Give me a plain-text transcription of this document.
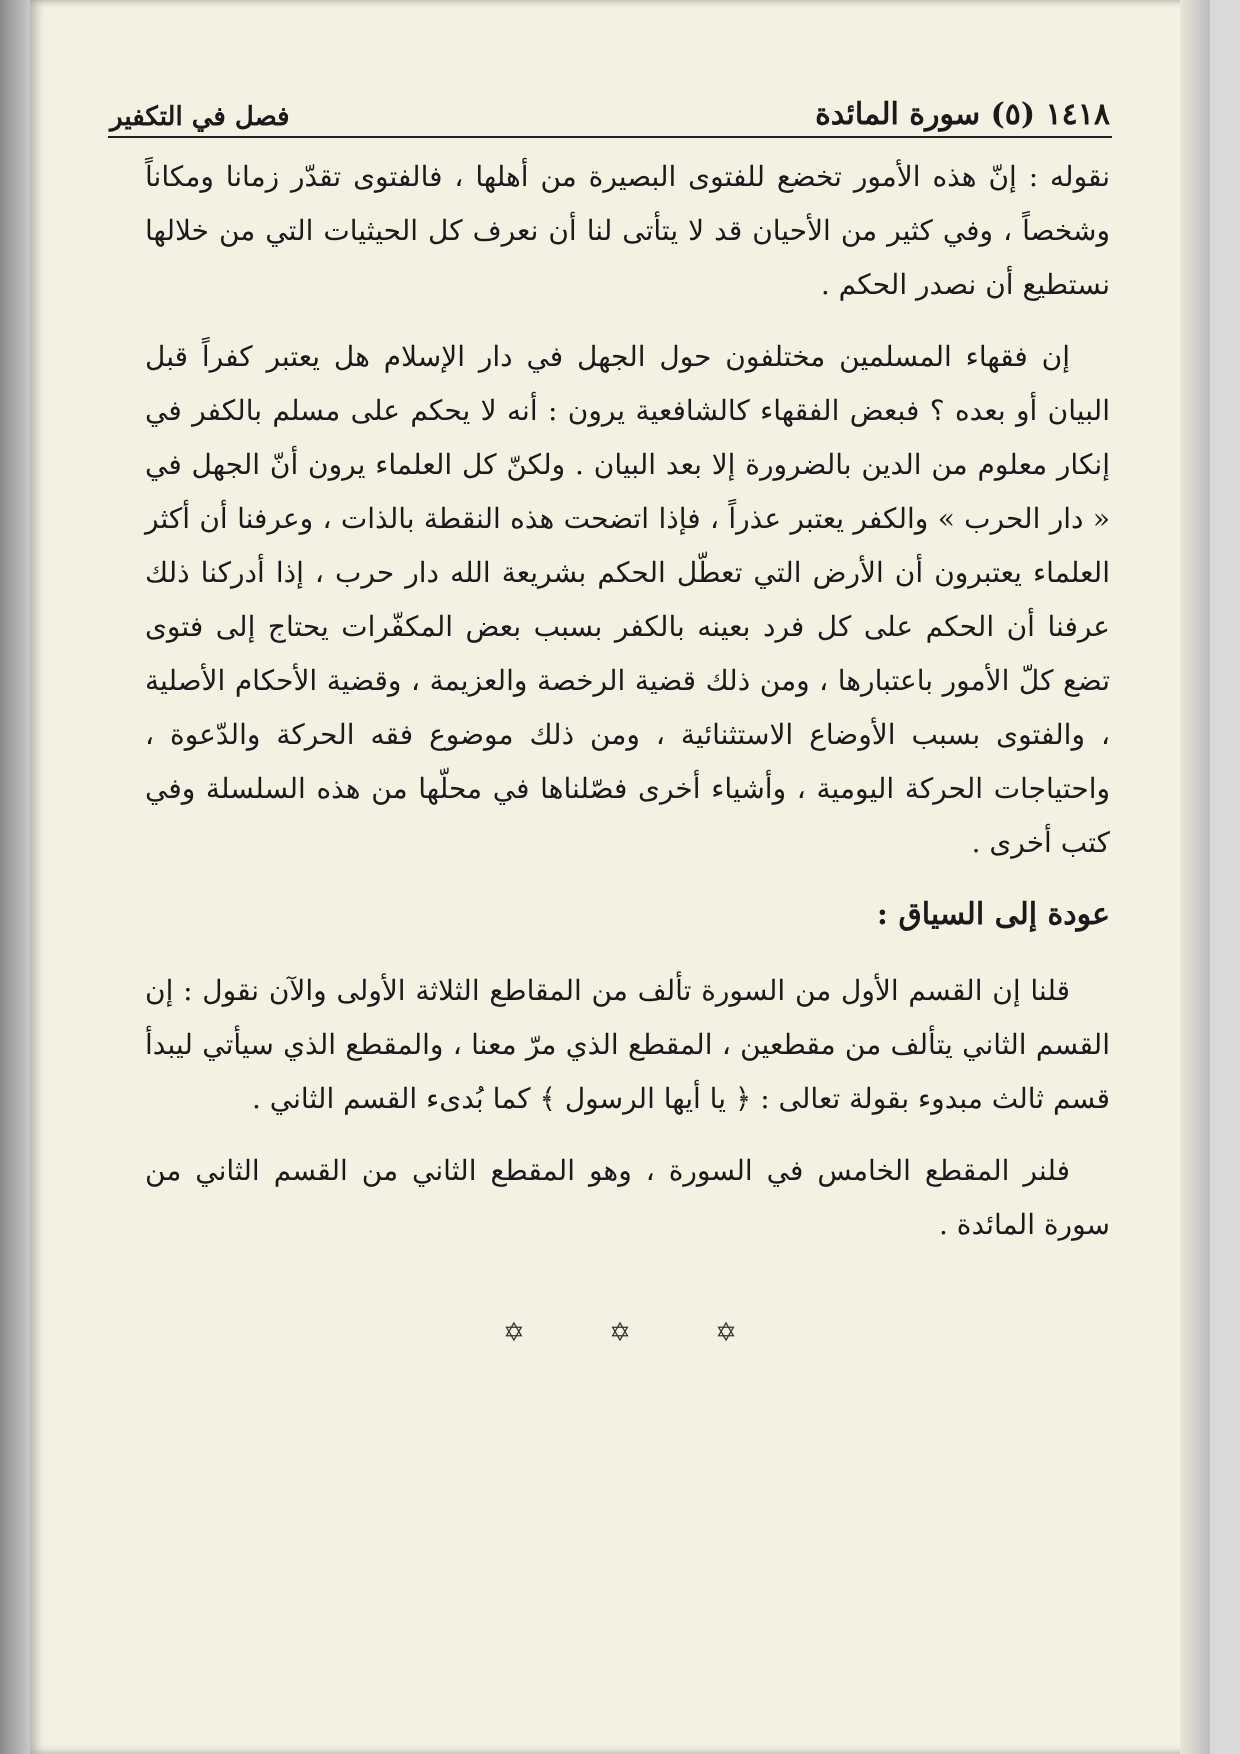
١٤١٨ (٥) سورة المائدة
فصل في التكفير

نقوله : إنّ هذه الأمور تخضع للفتوى البصيرة من أهلها ، فالفتوى تقدّر زمانا ومكاناً وشخصاً ، وفي كثير من الأحيان قد لا يتأتى لنا أن نعرف كل الحيثيات التي من خلالها نستطيع أن نصدر الحكم .

إن فقهاء المسلمين مختلفون حول الجهل في دار الإسلام هل يعتبر كفراً قبل البيان أو بعده ؟ فبعض الفقهاء كالشافعية يرون : أنه لا يحكم على مسلم بالكفر في إنكار معلوم من الدين بالضرورة إلا بعد البيان . ولكنّ كل العلماء يرون أنّ الجهل في « دار الحرب » والكفر يعتبر عذراً ، فإذا اتضحت هذه النقطة بالذات ، وعرفنا أن أكثر العلماء يعتبرون أن الأرض التي تعطّل الحكم بشريعة الله دار حرب ، إذا أدركنا ذلك عرفنا أن الحكم على كل فرد بعينه بالكفر بسبب بعض المكفّرات يحتاج إلى فتوى تضع كلّ الأمور باعتبارها ، ومن ذلك قضية الرخصة والعزيمة ، وقضية الأحكام الأصلية ، والفتوى بسبب الأوضاع الاستثنائية ، ومن ذلك موضوع فقه الحركة والدّعوة ، واحتياجات الحركة اليومية ، وأشياء أخرى فصّلناها في محلّها من هذه السلسلة وفي كتب أخرى .

عودة إلى السياق :

قلنا إن القسم الأول من السورة تألف من المقاطع الثلاثة الأولى والآن نقول : إن القسم الثاني يتألف من مقطعين ، المقطع الذي مرّ معنا ، والمقطع الذي سيأتي ليبدأ قسم ثالث مبدوء بقولة تعالى : ﴿ يا أيها الرسول ﴾ كما بُدىء القسم الثاني .

فلنر المقطع الخامس في السورة ، وهو المقطع الثاني من القسم الثاني من سورة المائدة .

✡	✡	✡
